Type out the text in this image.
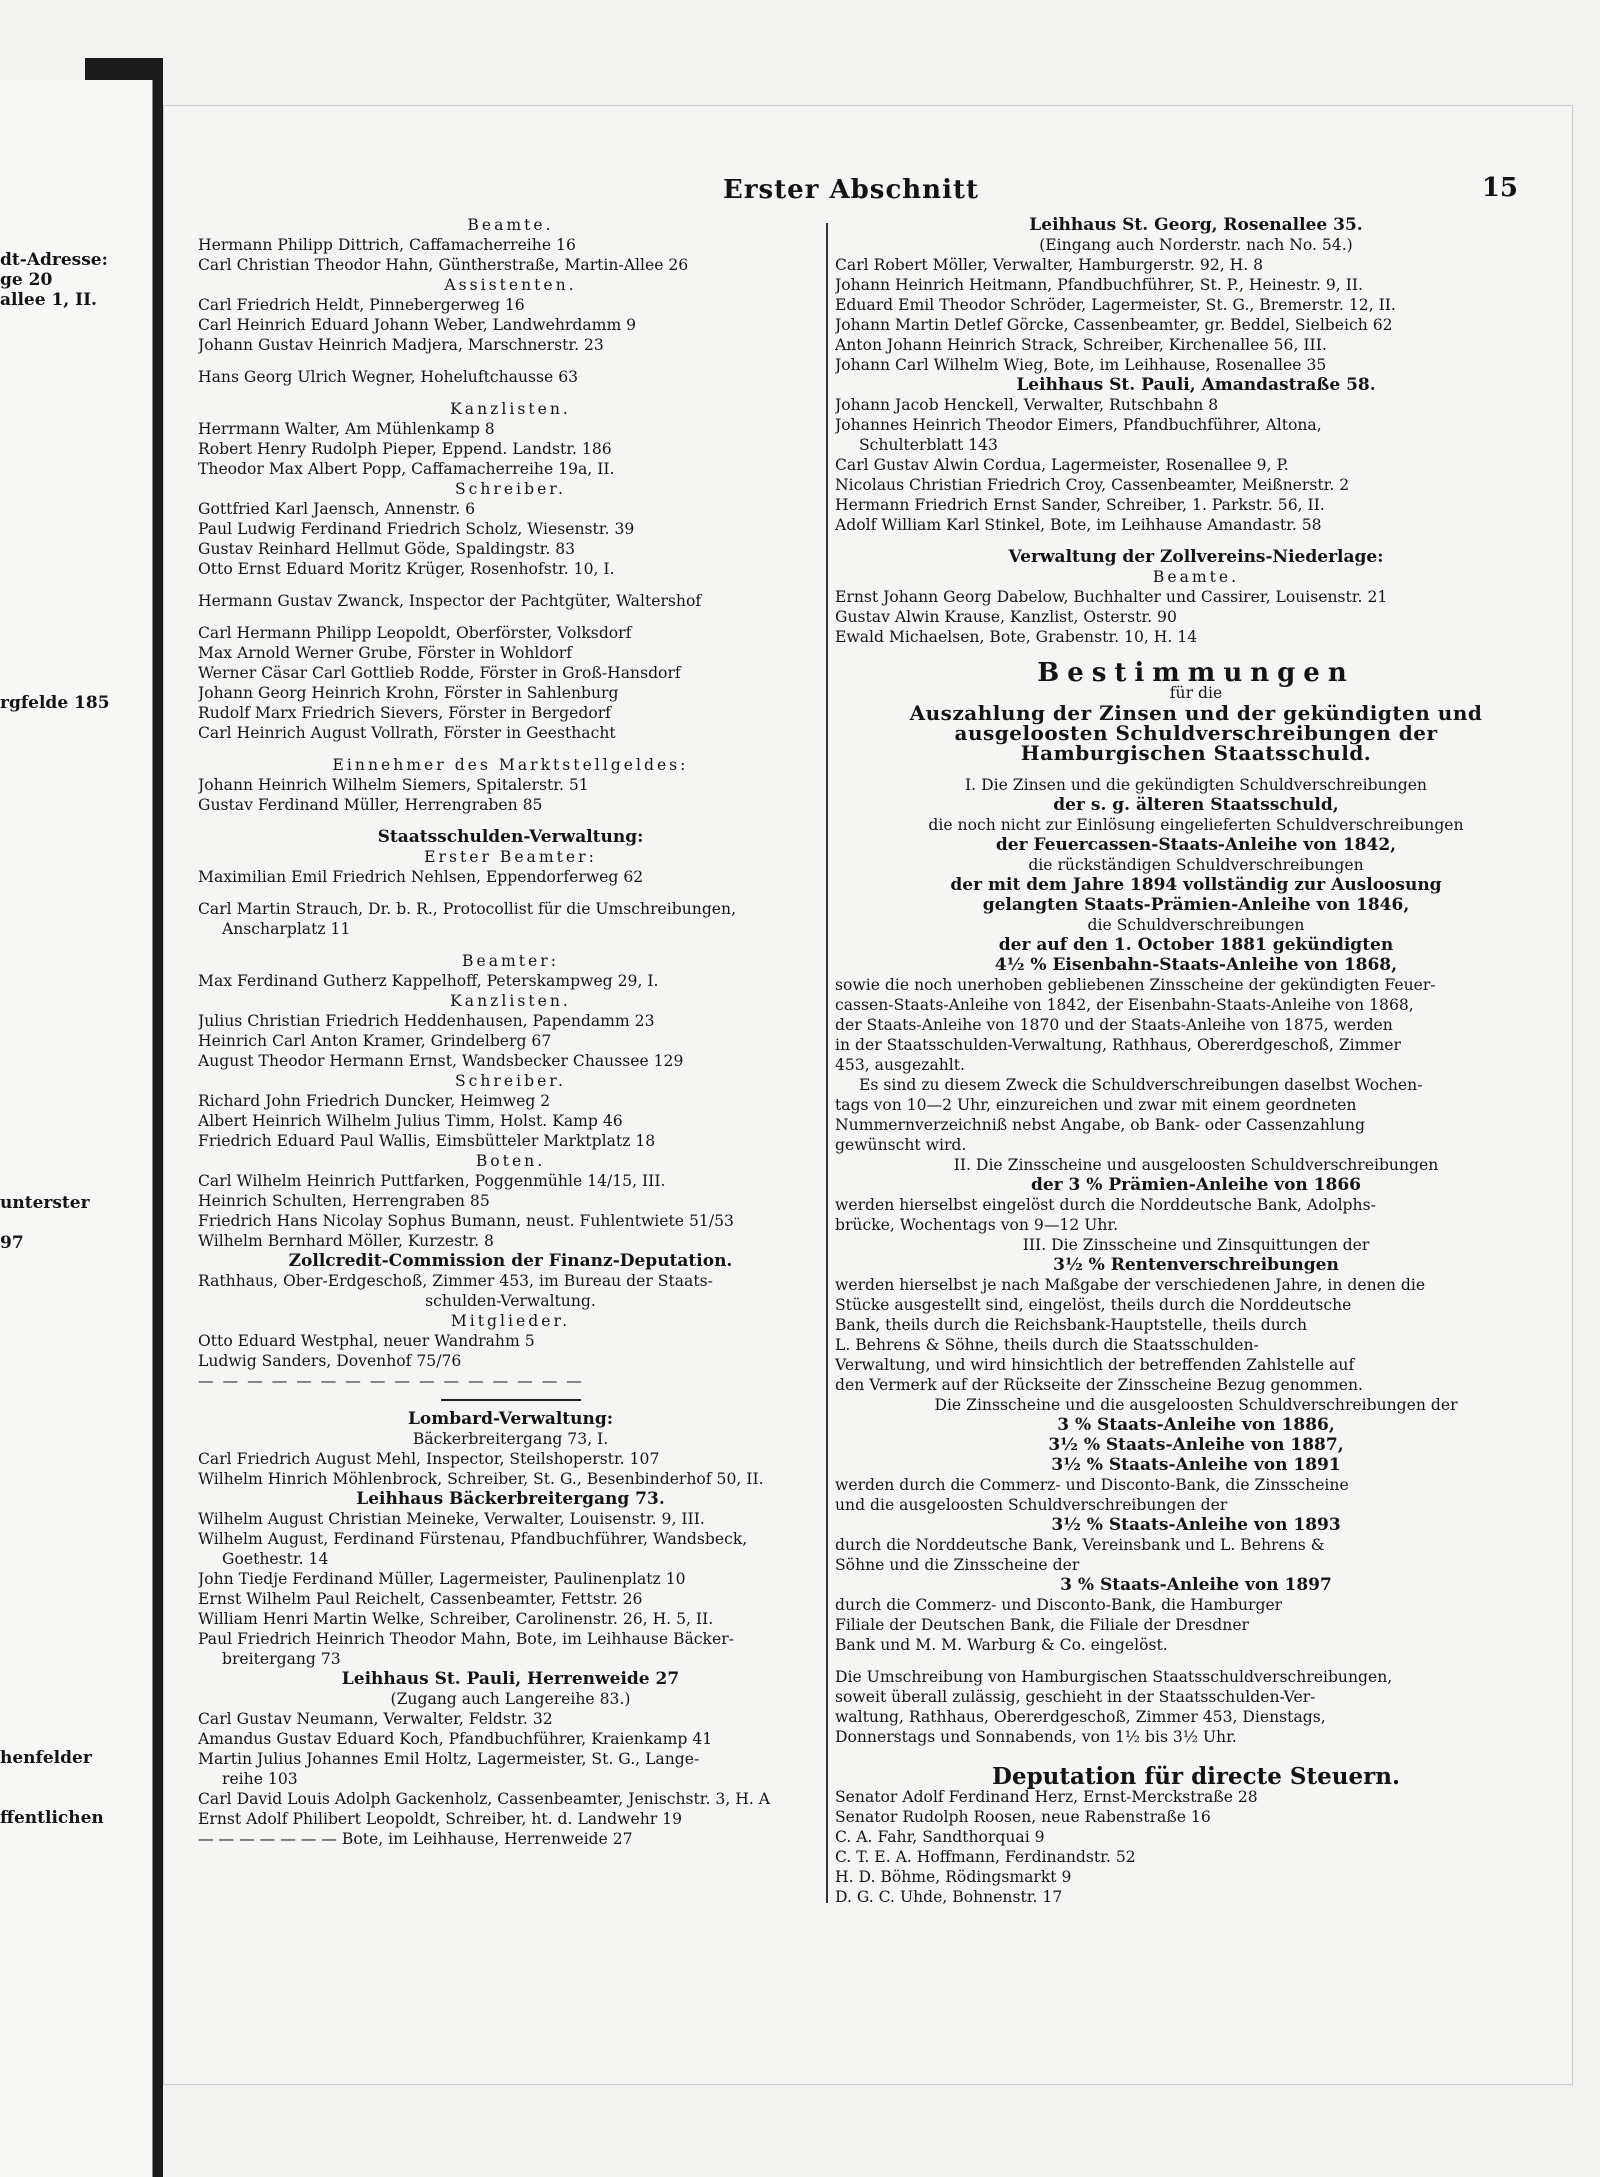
dt-Adresse:
ge 20
allee 1, II.
rgfelde 185
unterster
97
henfelder
ffentlichen
Erster Abschnitt	15
Beamte.
Hermann Philipp Dittrich, Caffamacherreihe 16
Carl Christian Theodor Hahn, Güntherstraße, Martin-Allee 26
Assistenten.
Carl Friedrich Heldt, Pinnebergerweg 16
Carl Heinrich Eduard Johann Weber, Landwehrdamm 9
Johann Gustav Heinrich Madjera, Marschnerstr. 23
Hans Georg Ulrich Wegner, Hoheluftchausse 63
Kanzlisten.
Herrmann Walter, Am Mühlenkamp 8
Robert Henry Rudolph Pieper, Eppend. Landstr. 186
Theodor Max Albert Popp, Caffamacherreihe 19a, II.
Schreiber.
Gottfried Karl Jaensch, Annenstr. 6
Paul Ludwig Ferdinand Friedrich Scholz, Wiesenstr. 39
Gustav Reinhard Hellmut Göde, Spaldingstr. 83
Otto Ernst Eduard Moritz Krüger, Rosenhofstr. 10, I.
Hermann Gustav Zwanck, Inspector der Pachtgüter, Waltershof
Carl Hermann Philipp Leopoldt, Oberförster, Volksdorf
Max Arnold Werner Grube, Förster in Wohldorf
Werner Cäsar Carl Gottlieb Rodde, Förster in Groß-Hansdorf
Johann Georg Heinrich Krohn, Förster in Sahlenburg
Rudolf Marx Friedrich Sievers, Förster in Bergedorf
Carl Heinrich August Vollrath, Förster in Geesthacht
Einnehmer des Marktstellgeldes:
Johann Heinrich Wilhelm Siemers, Spitalerstr. 51
Gustav Ferdinand Müller, Herrengraben 85
Staatsschulden-Verwaltung:
Erster Beamter:
Maximilian Emil Friedrich Nehlsen, Eppendorferweg 62
Carl Martin Strauch, Dr. b. R., Protocollist für die Umschreibungen,
Anscharplatz 11
Beamter:
Max Ferdinand Gutherz Kappelhoff, Peterskampweg 29, I.
Kanzlisten.
Julius Christian Friedrich Heddenhausen, Papendamm 23
Heinrich Carl Anton Kramer, Grindelberg 67
August Theodor Hermann Ernst, Wandsbecker Chaussee 129
Schreiber.
Richard John Friedrich Duncker, Heimweg 2
Albert Heinrich Wilhelm Julius Timm, Holst. Kamp 46
Friedrich Eduard Paul Wallis, Eimsbütteler Marktplatz 18
Boten.
Carl Wilhelm Heinrich Puttfarken, Poggenmühle 14/15, III.
Heinrich Schulten, Herrengraben 85
Friedrich Hans Nicolay Sophus Bumann, neust. Fuhlentwiete 51/53
Wilhelm Bernhard Möller, Kurzestr. 8
Zollcredit-Commission der Finanz-Deputation.
Rathhaus, Ober-Erdgeschoß, Zimmer 453, im Bureau der Staats-
schulden-Verwaltung.
Mitglieder.
Otto Eduard Westphal, neuer Wandrahm 5
Ludwig Sanders, Dovenhof 75/76
— — — — — — — — — — — — — — — —
Lombard-Verwaltung:
Bäckerbreitergang 73, I.
Carl Friedrich August Mehl, Inspector, Steilshoperstr. 107
Wilhelm Hinrich Möhlenbrock, Schreiber, St. G., Besenbinderhof 50, II.
Leihhaus Bäckerbreitergang 73.
Wilhelm August Christian Meineke, Verwalter, Louisenstr. 9, III.
Wilhelm August, Ferdinand Fürstenau, Pfandbuchführer, Wandsbeck,
Goethestr. 14
John Tiedje Ferdinand Müller, Lagermeister, Paulinenplatz 10
Ernst Wilhelm Paul Reichelt, Cassenbeamter, Fettstr. 26
William Henri Martin Welke, Schreiber, Carolinenstr. 26, H. 5, II.
Paul Friedrich Heinrich Theodor Mahn, Bote, im Leihhause Bäcker-
breitergang 73
Leihhaus St. Pauli, Herrenweide 27
(Zugang auch Langereihe 83.)
Carl Gustav Neumann, Verwalter, Feldstr. 32
Amandus Gustav Eduard Koch, Pfandbuchführer, Kraienkamp 41
Martin Julius Johannes Emil Holtz, Lagermeister, St. G., Lange-
reihe 103
Carl David Louis Adolph Gackenholz, Cassenbeamter, Jenischstr. 3, H. A
Ernst Adolf Philibert Leopoldt, Schreiber, ht. d. Landwehr 19
— — — — — — — Bote, im Leihhause, Herrenweide 27
Leihhaus St. Georg, Rosenallee 35.
(Eingang auch Norderstr. nach No. 54.)
Carl Robert Möller, Verwalter, Hamburgerstr. 92, H. 8
Johann Heinrich Heitmann, Pfandbuchführer, St. P., Heinestr. 9, II.
Eduard Emil Theodor Schröder, Lagermeister, St. G., Bremerstr. 12, II.
Johann Martin Detlef Görcke, Cassenbeamter, gr. Beddel, Sielbeich 62
Anton Johann Heinrich Strack, Schreiber, Kirchenallee 56, III.
Johann Carl Wilhelm Wieg, Bote, im Leihhause, Rosenallee 35
Leihhaus St. Pauli, Amandastraße 58.
Johann Jacob Henckell, Verwalter, Rutschbahn 8
Johannes Heinrich Theodor Eimers, Pfandbuchführer, Altona,
Schulterblatt 143
Carl Gustav Alwin Cordua, Lagermeister, Rosenallee 9, P.
Nicolaus Christian Friedrich Croy, Cassenbeamter, Meißnerstr. 2
Hermann Friedrich Ernst Sander, Schreiber, 1. Parkstr. 56, II.
Adolf William Karl Stinkel, Bote, im Leihhause Amandastr. 58
Verwaltung der Zollvereins-Niederlage:
Beamte.
Ernst Johann Georg Dabelow, Buchhalter und Cassirer, Louisenstr. 21
Gustav Alwin Krause, Kanzlist, Osterstr. 90
Ewald Michaelsen, Bote, Grabenstr. 10, H. 14
Bestimmungen
für die
Auszahlung der Zinsen und der gekündigten und
ausgeloosten Schuldverschreibungen der
Hamburgischen Staatsschuld.
I. Die Zinsen und die gekündigten Schuldverschreibungen
der s. g. älteren Staatsschuld,
die noch nicht zur Einlösung eingelieferten Schuldverschreibungen
der Feuercassen-Staats-Anleihe von 1842,
die rückständigen Schuldverschreibungen
der mit dem Jahre 1894 vollständig zur Ausloosung
gelangten Staats-Prämien-Anleihe von 1846,
die Schuldverschreibungen
der auf den 1. October 1881 gekündigten
4½ % Eisenbahn-Staats-Anleihe von 1868,
sowie die noch unerhoben gebliebenen Zinsscheine der gekündigten Feuer-
cassen-Staats-Anleihe von 1842, der Eisenbahn-Staats-Anleihe von 1868,
der Staats-Anleihe von 1870 und der Staats-Anleihe von 1875, werden
in der Staatsschulden-Verwaltung, Rathhaus, Obererdgeschoß, Zimmer
453, ausgezahlt.
Es sind zu diesem Zweck die Schuldverschreibungen daselbst Wochen-
tags von 10—2 Uhr, einzureichen und zwar mit einem geordneten
Nummernverzeichniß nebst Angabe, ob Bank- oder Cassenzahlung
gewünscht wird.
II. Die Zinsscheine und ausgeloosten Schuldverschreibungen
der 3 % Prämien-Anleihe von 1866
werden hierselbst eingelöst durch die Norddeutsche Bank, Adolphs-
brücke, Wochentags von 9—12 Uhr.
III. Die Zinsscheine und Zinsquittungen der
3½ % Rentenverschreibungen
werden hierselbst je nach Maßgabe der verschiedenen Jahre, in denen die
Stücke ausgestellt sind, eingelöst, theils durch die Norddeutsche
Bank, theils durch die Reichsbank-Hauptstelle, theils durch
L. Behrens & Söhne, theils durch die Staatsschulden-
Verwaltung, und wird hinsichtlich der betreffenden Zahlstelle auf
den Vermerk auf der Rückseite der Zinsscheine Bezug genommen.
Die Zinsscheine und die ausgeloosten Schuldverschreibungen der
3 % Staats-Anleihe von 1886,
3½ % Staats-Anleihe von 1887,
3½ % Staats-Anleihe von 1891
werden durch die Commerz- und Disconto-Bank, die Zinsscheine
und die ausgeloosten Schuldverschreibungen der
3½ % Staats-Anleihe von 1893
durch die Norddeutsche Bank, Vereinsbank und L. Behrens &
Söhne und die Zinsscheine der
3 % Staats-Anleihe von 1897
durch die Commerz- und Disconto-Bank, die Hamburger
Filiale der Deutschen Bank, die Filiale der Dresdner
Bank und M. M. Warburg & Co. eingelöst.
Die Umschreibung von Hamburgischen Staatsschuldverschreibungen,
soweit überall zulässig, geschieht in der Staatsschulden-Ver-
waltung, Rathhaus, Obererdgeschoß, Zimmer 453, Dienstags,
Donnerstags und Sonnabends, von 1½ bis 3½ Uhr.
Deputation für directe Steuern.
Senator Adolf Ferdinand Herz, Ernst-Merckstraße 28
Senator Rudolph Roosen, neue Rabenstraße 16
C. A. Fahr, Sandthorquai 9
C. T. E. A. Hoffmann, Ferdinandstr. 52
H. D. Böhme, Rödingsmarkt 9
D. G. C. Uhde, Bohnenstr. 17
